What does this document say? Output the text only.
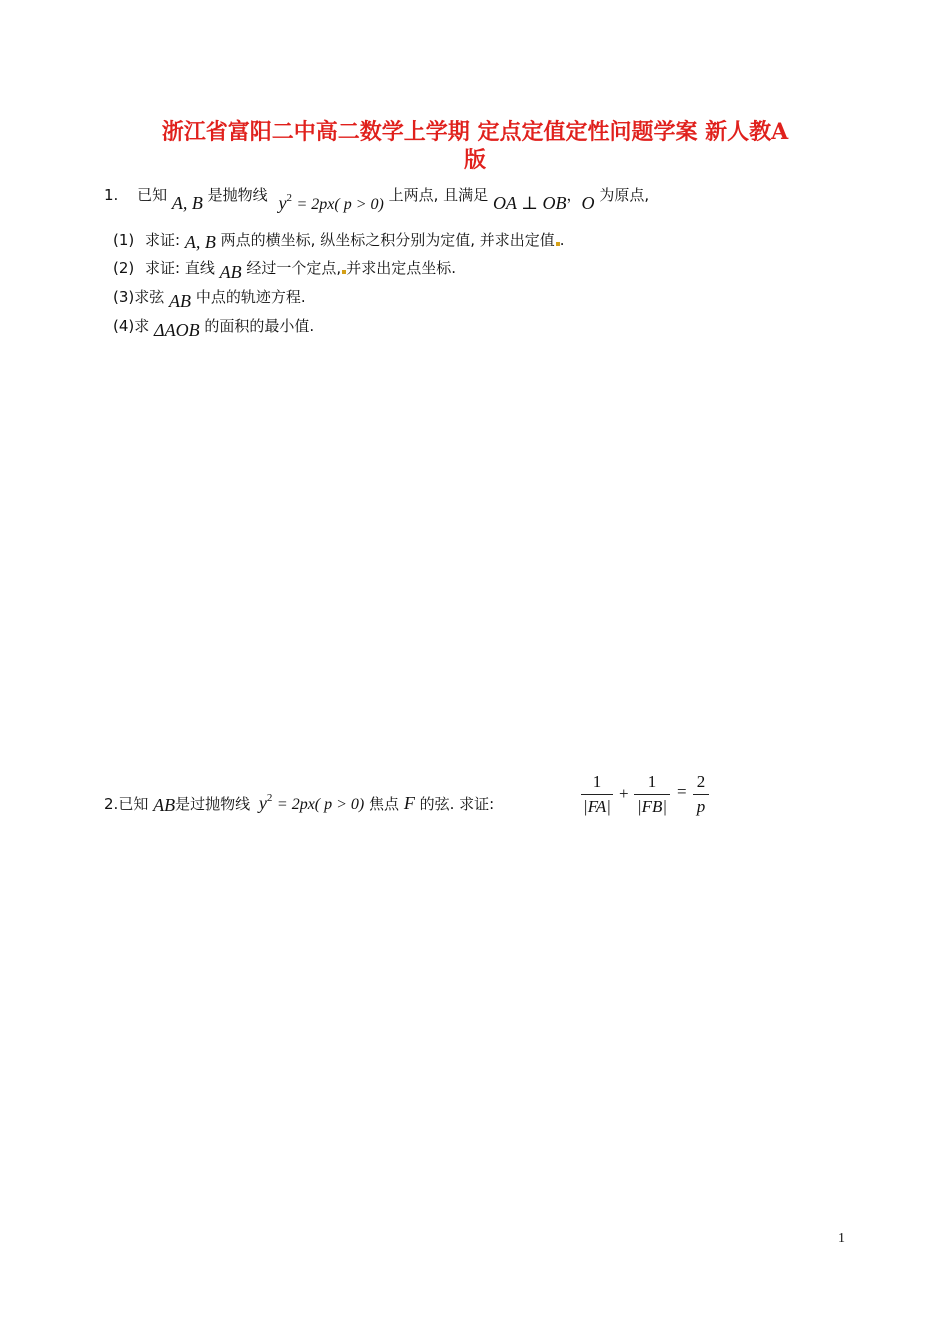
浙江省富阳二中高二数学上学期 定点定值定性问题学案 新人教A
版
1. 已知 A, B 是抛物线 $y^2 = 2px$( p > 0) 上两点, 且满足 OA ⊥ OB，O 为原点,
(1) 求证: A, B 两点的横坐标, 纵坐标之积分别为定值, 并求出定值 .
(2) 求证: 直线 AB 经过一个定点, 并求出定点坐标.
(3)求弦 AB 中点的轨迹方程.
(4)求 ΔAOB 的面积的最小值.
2.已知 AB是过抛物线 $y^2 = 2px$( p > 0) 焦点 F 的弦. 求证:
1
|FA|
+
1
|FB|
=
2
p
1
